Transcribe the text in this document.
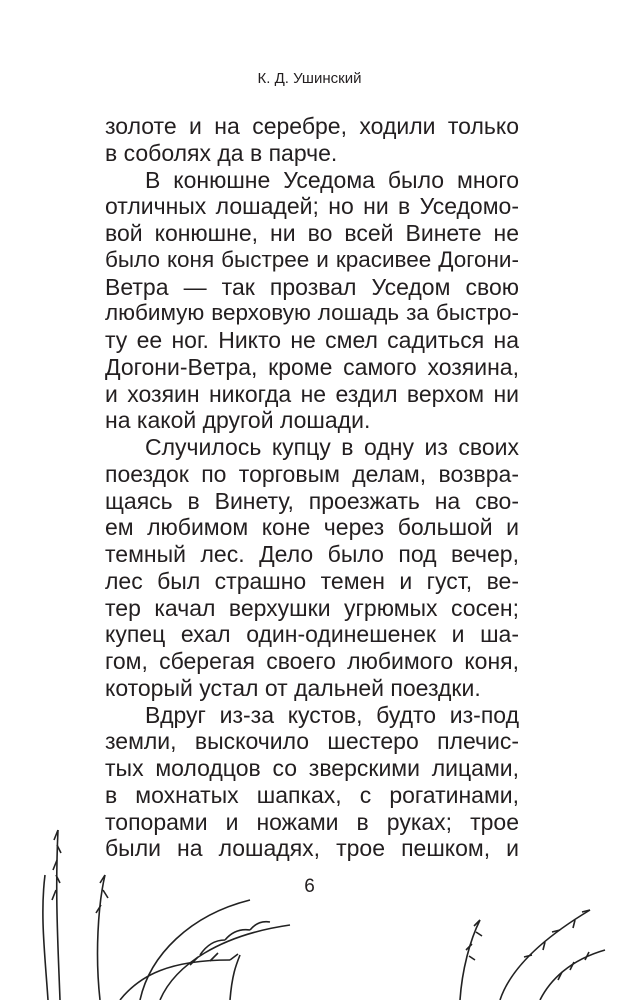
К. Д. Ушинский
золоте и на серебре, ходили только
в соболях да в парче.
В конюшне Уседома было много
отличных лошадей; но ни в Уседомо-
вой конюшне, ни во всей Винете не
было коня быстрее и красивее Догони-
Ветра — так прозвал Уседом свою
любимую верховую лошадь за быстро-
ту ее ног. Никто не смел садиться на
Догони-Ветра, кроме самого хозяина,
и хозяин никогда не ездил верхом ни
на какой другой лошади.
Случилось купцу в одну из своих
поездок по торговым делам, возвра-
щаясь в Винету, проезжать на сво-
ем любимом коне через большой и
темный лес. Дело было под вечер,
лес был страшно темен и густ, ве-
тер качал верхушки угрюмых сосен;
купец ехал один-одинешенек и ша-
гом, сберегая своего любимого коня,
который устал от дальней поездки.
Вдруг из-за кустов, будто из-под
земли, выскочило шестеро плечис-
тых молодцов со зверскими лицами,
в мохнатых шапках, с рогатинами,
топорами и ножами в руках; трое
были на лошадях, трое пешком, и
6
